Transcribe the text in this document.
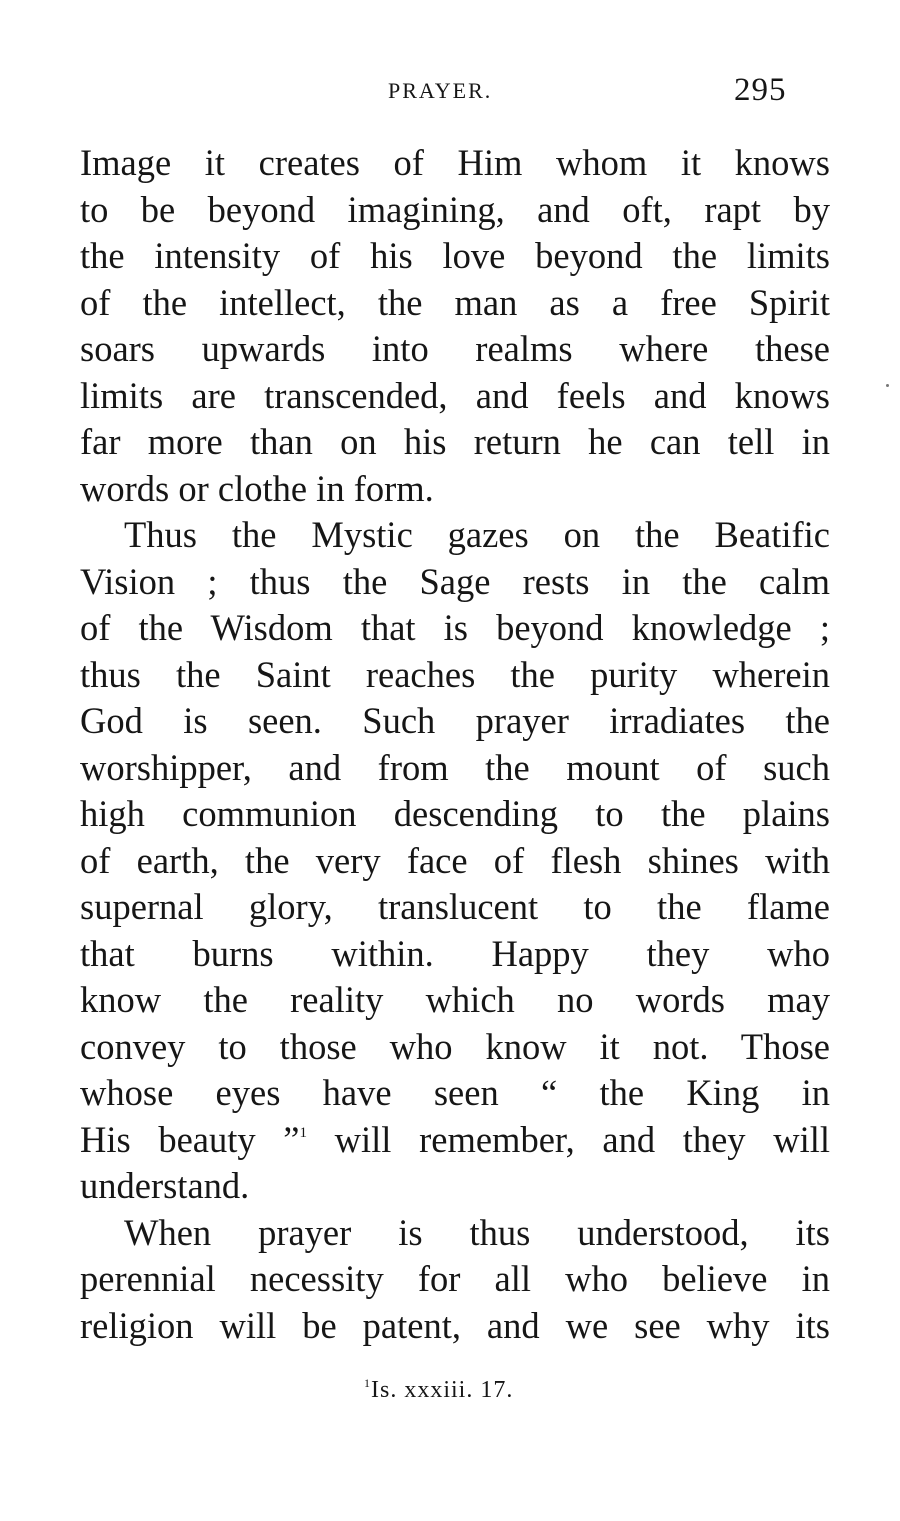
PRAYER.	295
Image it creates of Him whom it knows
to be beyond imagining, and oft, rapt by
the intensity of his love beyond the limits
of the intellect, the man as a free Spirit
soars upwards into realms where these
limits are transcended, and feels and knows
far more than on his return he can tell in
words or clothe in form.
Thus the Mystic gazes on the Beatific
Vision ; thus the Sage rests in the calm
of the Wisdom that is beyond knowledge ;
thus the Saint reaches the purity wherein
God is seen. Such prayer irradiates the
worshipper, and from the mount of such
high communion descending to the plains
of earth, the very face of flesh shines with
supernal glory, translucent to the flame
that burns within. Happy they who
know the reality which no words may
convey to those who know it not. Those
whose eyes have seen “ the King in
His beauty ”$^1$ will remember, and they will
understand.
When prayer is thus understood, its
perennial necessity for all who believe in
religion will be patent, and we see why its
$^1$Is. xxxiii. 17.
